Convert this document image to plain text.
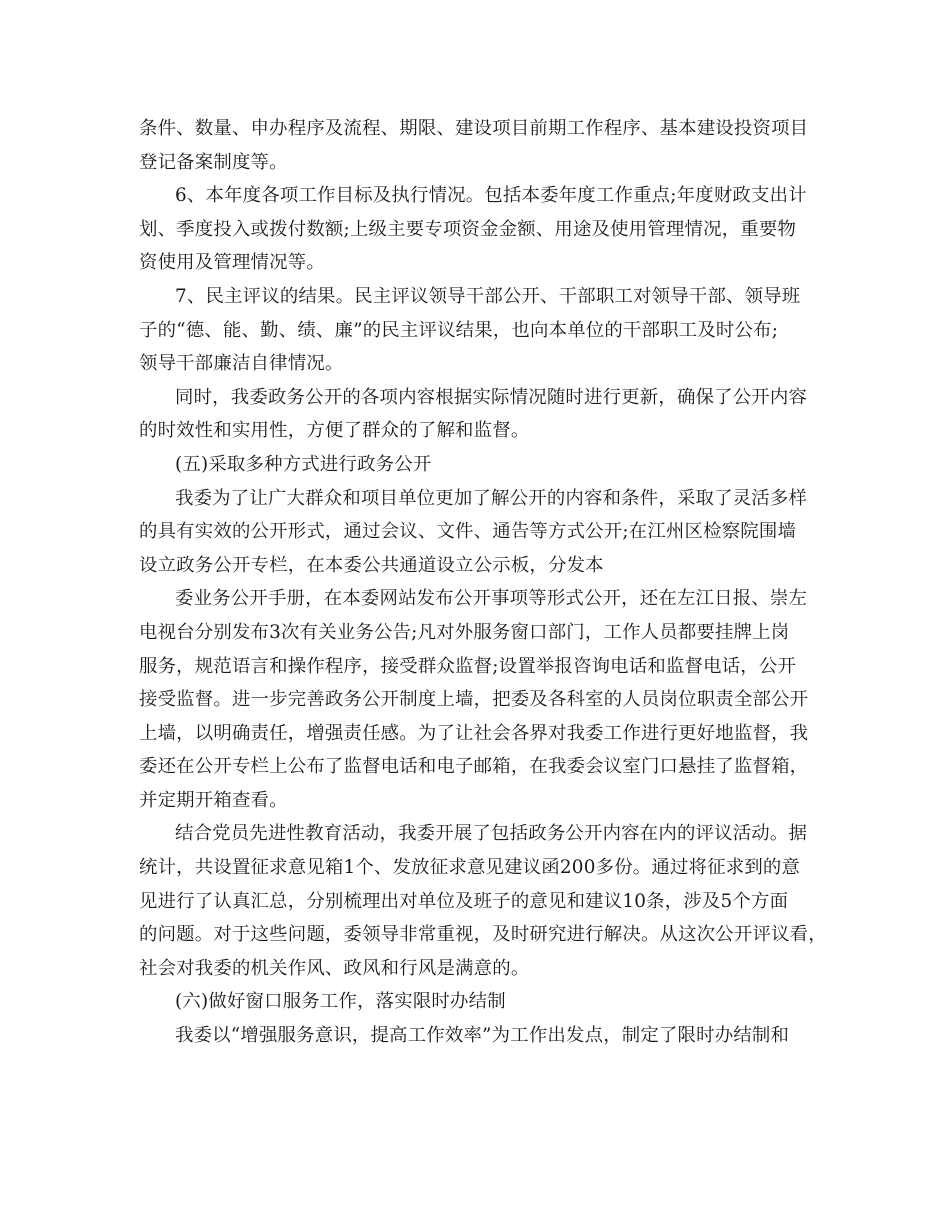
条件、数量、申办程序及流程、期限、建设项目前期工作程序、基本建设投资项目
登记备案制度等。
6、本年度各项工作目标及执行情况。包括本委年度工作重点;年度财政支出计
划、季度投入或拨付数额;上级主要专项资金金额、用途及使用管理情况，重要物
资使用及管理情况等。
7、民主评议的结果。民主评议领导干部公开、干部职工对领导干部、领导班
子的“德、能、勤、绩、廉”的民主评议结果，也向本单位的干部职工及时公布;
领导干部廉洁自律情况。
同时，我委政务公开的各项内容根据实际情况随时进行更新，确保了公开内容
的时效性和实用性，方便了群众的了解和监督。
(五)采取多种方式进行政务公开
我委为了让广大群众和项目单位更加了解公开的内容和条件，采取了灵活多样
的具有实效的公开形式，通过会议、文件、通告等方式公开;在江州区检察院围墙
设立政务公开专栏，在本委公共通道设立公示板，分发本
委业务公开手册，在本委网站发布公开事项等形式公开，还在左江日报、崇左
电视台分别发布3次有关业务公告;凡对外服务窗口部门，工作人员都要挂牌上岗
服务，规范语言和操作程序，接受群众监督;设置举报咨询电话和监督电话，公开
接受监督。进一步完善政务公开制度上墙，把委及各科室的人员岗位职责全部公开
上墙，以明确责任，增强责任感。为了让社会各界对我委工作进行更好地监督，我
委还在公开专栏上公布了监督电话和电子邮箱，在我委会议室门口悬挂了监督箱，
并定期开箱查看。
结合党员先进性教育活动，我委开展了包括政务公开内容在内的评议活动。据
统计，共设置征求意见箱1个、发放征求意见建议函200多份。通过将征求到的意
见进行了认真汇总，分别梳理出对单位及班子的意见和建议10条，涉及5个方面
的问题。对于这些问题，委领导非常重视，及时研究进行解决。从这次公开评议看，
社会对我委的机关作风、政风和行风是满意的。
(六)做好窗口服务工作，落实限时办结制
我委以“增强服务意识，提高工作效率”为工作出发点，制定了限时办结制和
